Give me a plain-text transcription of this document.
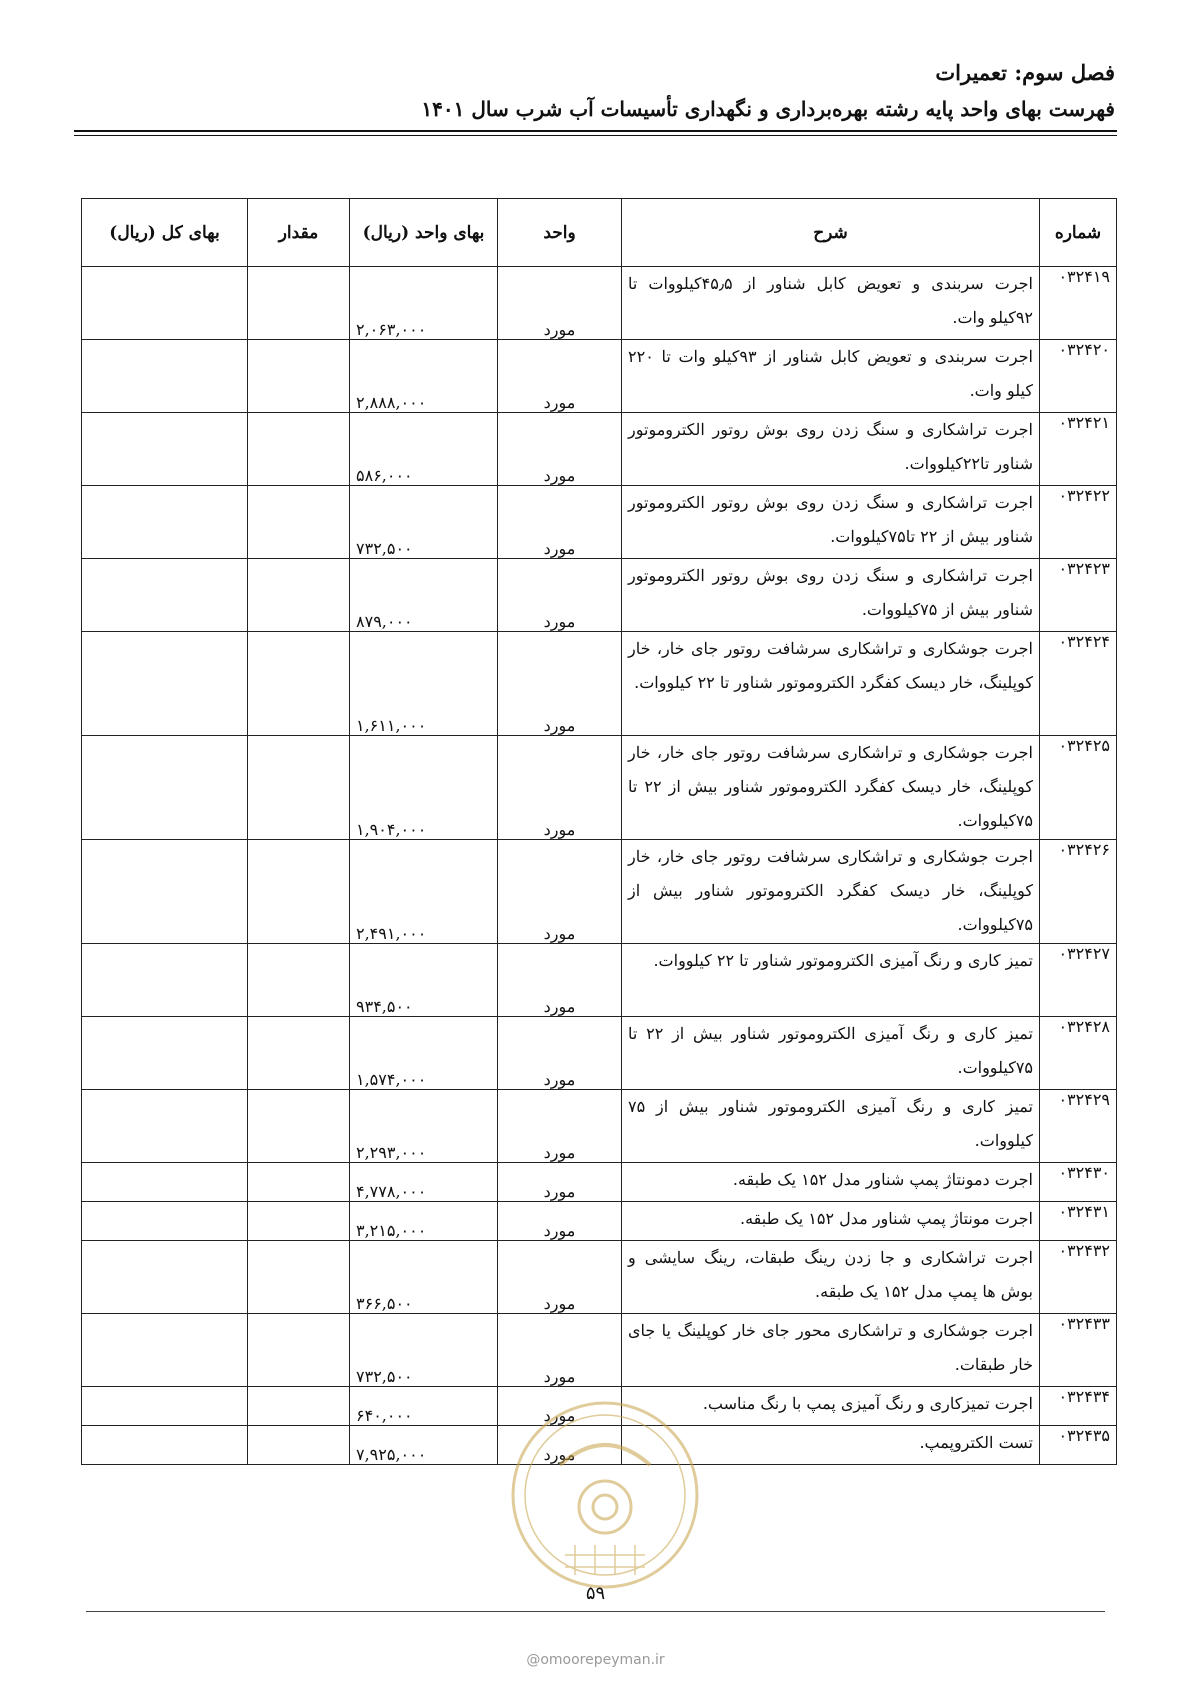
فصل سوم: تعمیرات
فهرست بهای واحد پایه رشته بهره‌برداری و نگهداری تأسیسات آب شرب سال ۱۴۰۱
شماره	شرح	واحد	بهای واحد (ریال)	مقدار	بهای کل (ریال)
۰۳۲۴۱۹	اجرت سربندی و تعویض کابل شناور از ۴۵٫۵کیلووات تا ۹۲کیلو وات.	مورد	۲,۰۶۳,۰۰۰		
۰۳۲۴۲۰	اجرت سربندی و تعویض کابل شناور از ۹۳کیلو وات تا ۲۲۰ کیلو وات.	مورد	۲,۸۸۸,۰۰۰		
۰۳۲۴۲۱	اجرت تراشکاری و سنگ زدن روی بوش روتور الکتروموتور شناور تا۲۲کیلووات.	مورد	۵۸۶,۰۰۰		
۰۳۲۴۲۲	اجرت تراشکاری و سنگ زدن روی بوش روتور الکتروموتور شناور بیش از ۲۲ تا۷۵کیلووات.	مورد	۷۳۲,۵۰۰		
۰۳۲۴۲۳	اجرت تراشکاری و سنگ زدن روی بوش روتور الکتروموتور شناور بیش از ۷۵کیلووات.	مورد	۸۷۹,۰۰۰		
۰۳۲۴۲۴	اجرت جوشکاری و تراشکاری سرشافت روتور جای خار، خار کوپلینگ، خار دیسک کفگرد الکتروموتور شناور تا ۲۲ کیلووات.	مورد	۱,۶۱۱,۰۰۰		
۰۳۲۴۲۵	اجرت جوشکاری و تراشکاری سرشافت روتور جای خار، خار کوپلینگ، خار دیسک کفگرد الکتروموتور شناور بیش از ۲۲ تا ۷۵کیلووات.	مورد	۱,۹۰۴,۰۰۰		
۰۳۲۴۲۶	اجرت جوشکاری و تراشکاری سرشافت روتور جای خار، خار کوپلینگ، خار دیسک کفگرد الکتروموتور شناور بیش از ۷۵کیلووات.	مورد	۲,۴۹۱,۰۰۰		
۰۳۲۴۲۷	تمیز کاری و رنگ آمیزی الکتروموتور شناور تا ۲۲ کیلووات.	مورد	۹۳۴,۵۰۰		
۰۳۲۴۲۸	تمیز کاری و رنگ آمیزی الکتروموتور شناور بیش از ۲۲ تا ۷۵کیلووات.	مورد	۱,۵۷۴,۰۰۰		
۰۳۲۴۲۹	تمیز کاری و رنگ آمیزی الکتروموتور شناور بیش از ۷۵ کیلووات.	مورد	۲,۲۹۳,۰۰۰		
۰۳۲۴۳۰	اجرت دمونتاژ پمپ شناور مدل ۱۵۲ یک طبقه.	مورد	۴,۷۷۸,۰۰۰		
۰۳۲۴۳۱	اجرت مونتاژ پمپ شناور مدل ۱۵۲ یک طبقه.	مورد	۳,۲۱۵,۰۰۰		
۰۳۲۴۳۲	اجرت تراشکاری و جا زدن رینگ طبقات، رینگ سایشی و بوش ها پمپ مدل ۱۵۲ یک طبقه.	مورد	۳۶۶,۵۰۰		
۰۳۲۴۳۳	اجرت جوشکاری و تراشکاری محور جای خار کوپلینگ یا جای خار طبقات.	مورد	۷۳۲,۵۰۰		
۰۳۲۴۳۴	اجرت تمیزکاری و رنگ آمیزی پمپ با رنگ مناسب.	مورد	۶۴۰,۰۰۰		
۰۳۲۴۳۵	تست الکتروپمپ.	مورد	۷,۹۲۵,۰۰۰		
۵۹
@omoorepeyman.ir
